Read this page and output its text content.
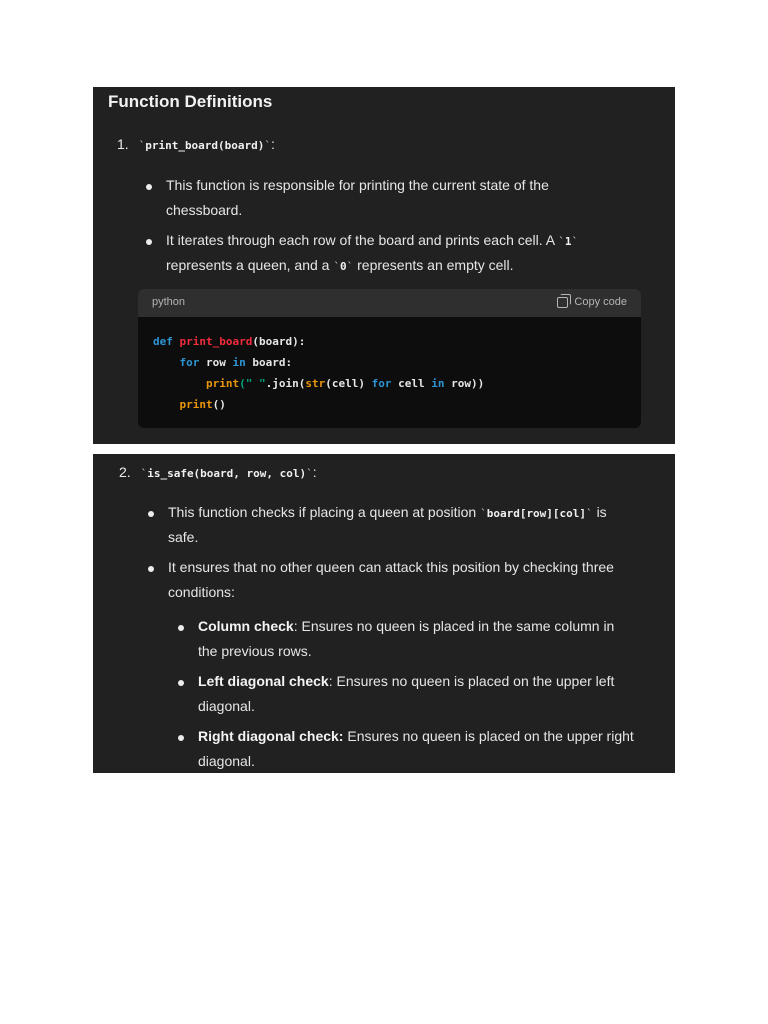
Function Definitions
1. `print_board(board)`:
This function is responsible for printing the current state of the
chessboard.
It iterates through each row of the board and prints each cell. A `1`
represents a queen, and a `0` represents an empty cell.
python	Copy code
def print_board(board):
for row in board:
print(" ".join(str(cell) for cell in row))
print()
2. `is_safe(board, row, col)`:
This function checks if placing a queen at position `board[row][col]` is
safe.
It ensures that no other queen can attack this position by checking three
conditions:
Column check: Ensures no queen is placed in the same column in
the previous rows.
Left diagonal check: Ensures no queen is placed on the upper left
diagonal.
Right diagonal check: Ensures no queen is placed on the upper right
diagonal.
